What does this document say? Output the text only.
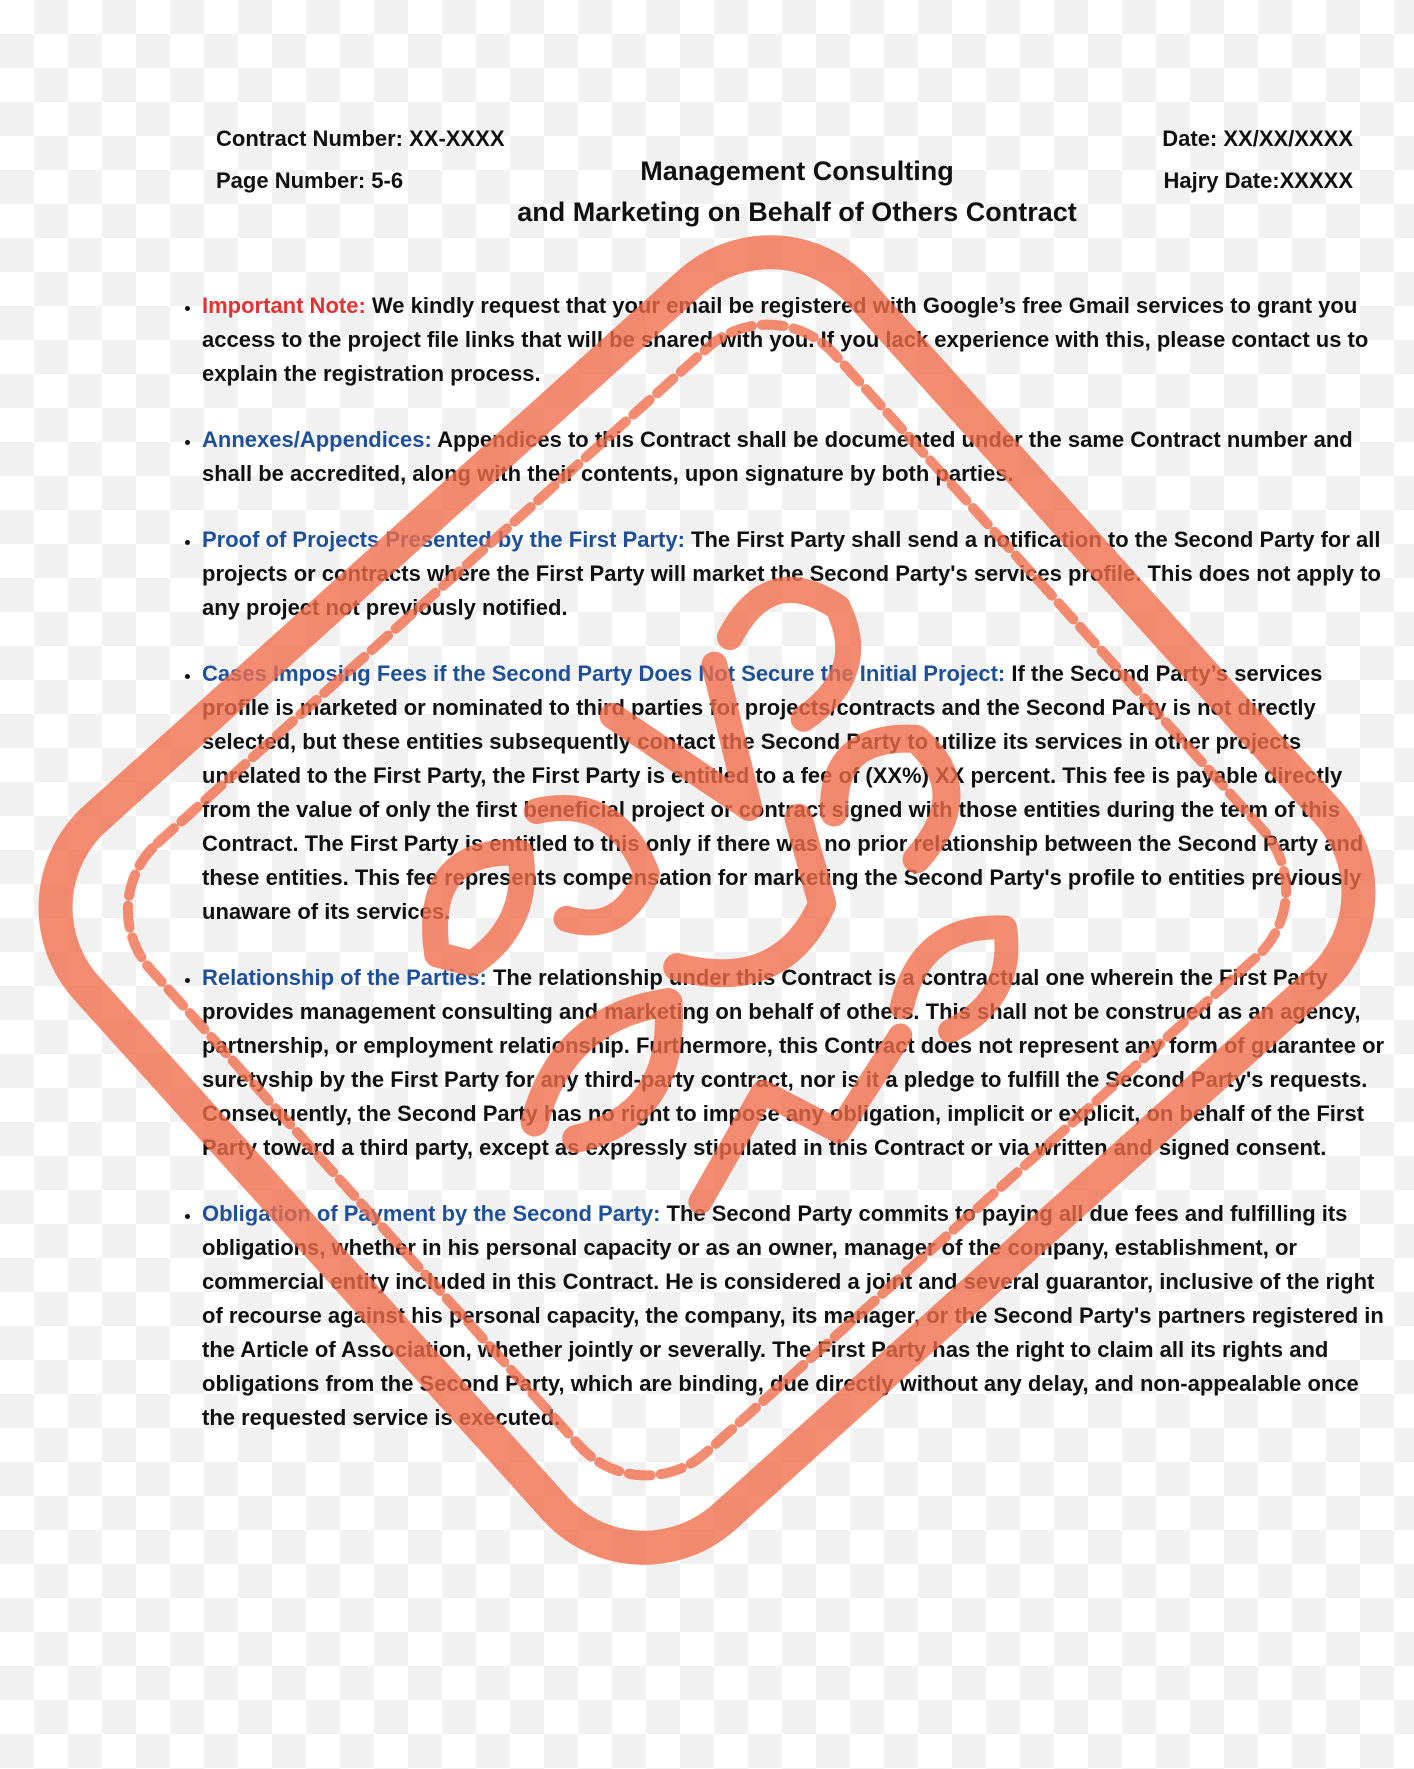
Contract Number: XX-XXXX
Page Number: 5-6
Date: XX/XX/XXXX
Hajry Date:XXXXX
Management Consulting
and Marketing on Behalf of Others Contract
• Important Note: We kindly request that your email be registered with Google’s free Gmail services to grant you access to the project file links that will be shared with you. If you lack experience with this, please contact us to explain the registration process.
• Annexes/Appendices: Appendices to this Contract shall be documented under the same Contract number and shall be accredited, along with their contents, upon signature by both parties.
• Proof of Projects Presented by the First Party: The First Party shall send a notification to the Second Party for all projects or contracts where the First Party will market the Second Party's services profile. This does not apply to any project not previously notified.
• Cases Imposing Fees if the Second Party Does Not Secure the Initial Project: If the Second Party’s services profile is marketed or nominated to third parties for projects/contracts and the Second Party is not directly selected, but these entities subsequently contact the Second Party to utilize its services in other projects unrelated to the First Party, the First Party is entitled to a fee of (XX%) XX percent. This fee is payable directly from the value of only the first beneficial project or contract signed with those entities during the term of this Contract. The First Party is entitled to this only if there was no prior relationship between the Second Party and these entities. This fee represents compensation for marketing the Second Party's profile to entities previously unaware of its services.
• Relationship of the Parties: The relationship under this Contract is a contractual one wherein the First Party provides management consulting and marketing on behalf of others. This shall not be construed as an agency, partnership, or employment relationship. Furthermore, this Contract does not represent any form of guarantee or suretyship by the First Party for any third-party contract, nor is it a pledge to fulfill the Second Party's requests. Consequently, the Second Party has no right to impose any obligation, implicit or explicit, on behalf of the First Party toward a third party, except as expressly stipulated in this Contract or via written and signed consent.
• Obligation of Payment by the Second Party: The Second Party commits to paying all due fees and fulfilling its obligations, whether in his personal capacity or as an owner, manager of the company, establishment, or commercial entity included in this Contract. He is considered a joint and several guarantor, inclusive of the right of recourse against his personal capacity, the company, its manager, or the Second Party's partners registered in the Article of Association, whether jointly or severally. The First Party has the right to claim all its rights and obligations from the Second Party, which are binding, due directly without any delay, and non-appealable once the requested service is executed.
